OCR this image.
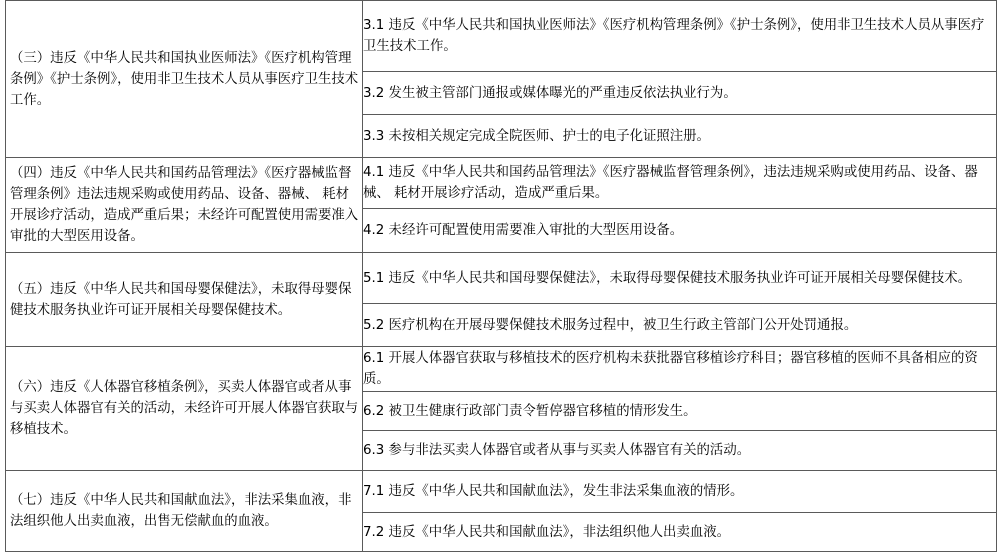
（三）违反《中华人民共和国执业医师法》《医疗机构管理条例》《护士条例》，使用非卫生技术人员从事医疗卫生技术工作。
（四）违反《中华人民共和国药品管理法》《医疗器械监督管理条例》违法违规采购或使用药品、设备、器械、 耗材开展诊疗活动，造成严重后果；未经许可配置使用需要准入审批的大型医用设备。
（五）违反《中华人民共和国母婴保健法》，未取得母婴保健技术服务执业许可证开展相关母婴保健技术。
（六）违反《人体器官移植条例》，买卖人体器官或者从事与买卖人体器官有关的活动，未经许可开展人体器官获取与移植技术。
（七）违反《中华人民共和国献血法》，非法采集血液，非法组织他人出卖血液，出售无偿献血的血液。
3.1 违反《中华人民共和国执业医师法》《医疗机构管理条例》《护士条例》，使用非卫生技术人员从事医疗卫生技术工作。
3.2 发生被主管部门通报或媒体曝光的严重违反依法执业行为。
3.3 未按相关规定完成全院医师、护士的电子化证照注册。
4.1 违反《中华人民共和国药品管理法》《医疗器械监督管理条例》，违法违规采购或使用药品、设备、器械、 耗材开展诊疗活动，造成严重后果。
4.2 未经许可配置使用需要准入审批的大型医用设备。
5.1 违反《中华人民共和国母婴保健法》，未取得母婴保健技术服务执业许可证开展相关母婴保健技术。
5.2 医疗机构在开展母婴保健技术服务过程中，被卫生行政主管部门公开处罚通报。
6.1 开展人体器官获取与移植技术的医疗机构未获批器官移植诊疗科目；器官移植的医师不具备相应的资质。
6.2 被卫生健康行政部门责令暂停器官移植的情形发生。
6.3 参与非法买卖人体器官或者从事与买卖人体器官有关的活动。
7.1 违反《中华人民共和国献血法》，发生非法采集血液的情形。
7.2 违反《中华人民共和国献血法》，非法组织他人出卖血液。
